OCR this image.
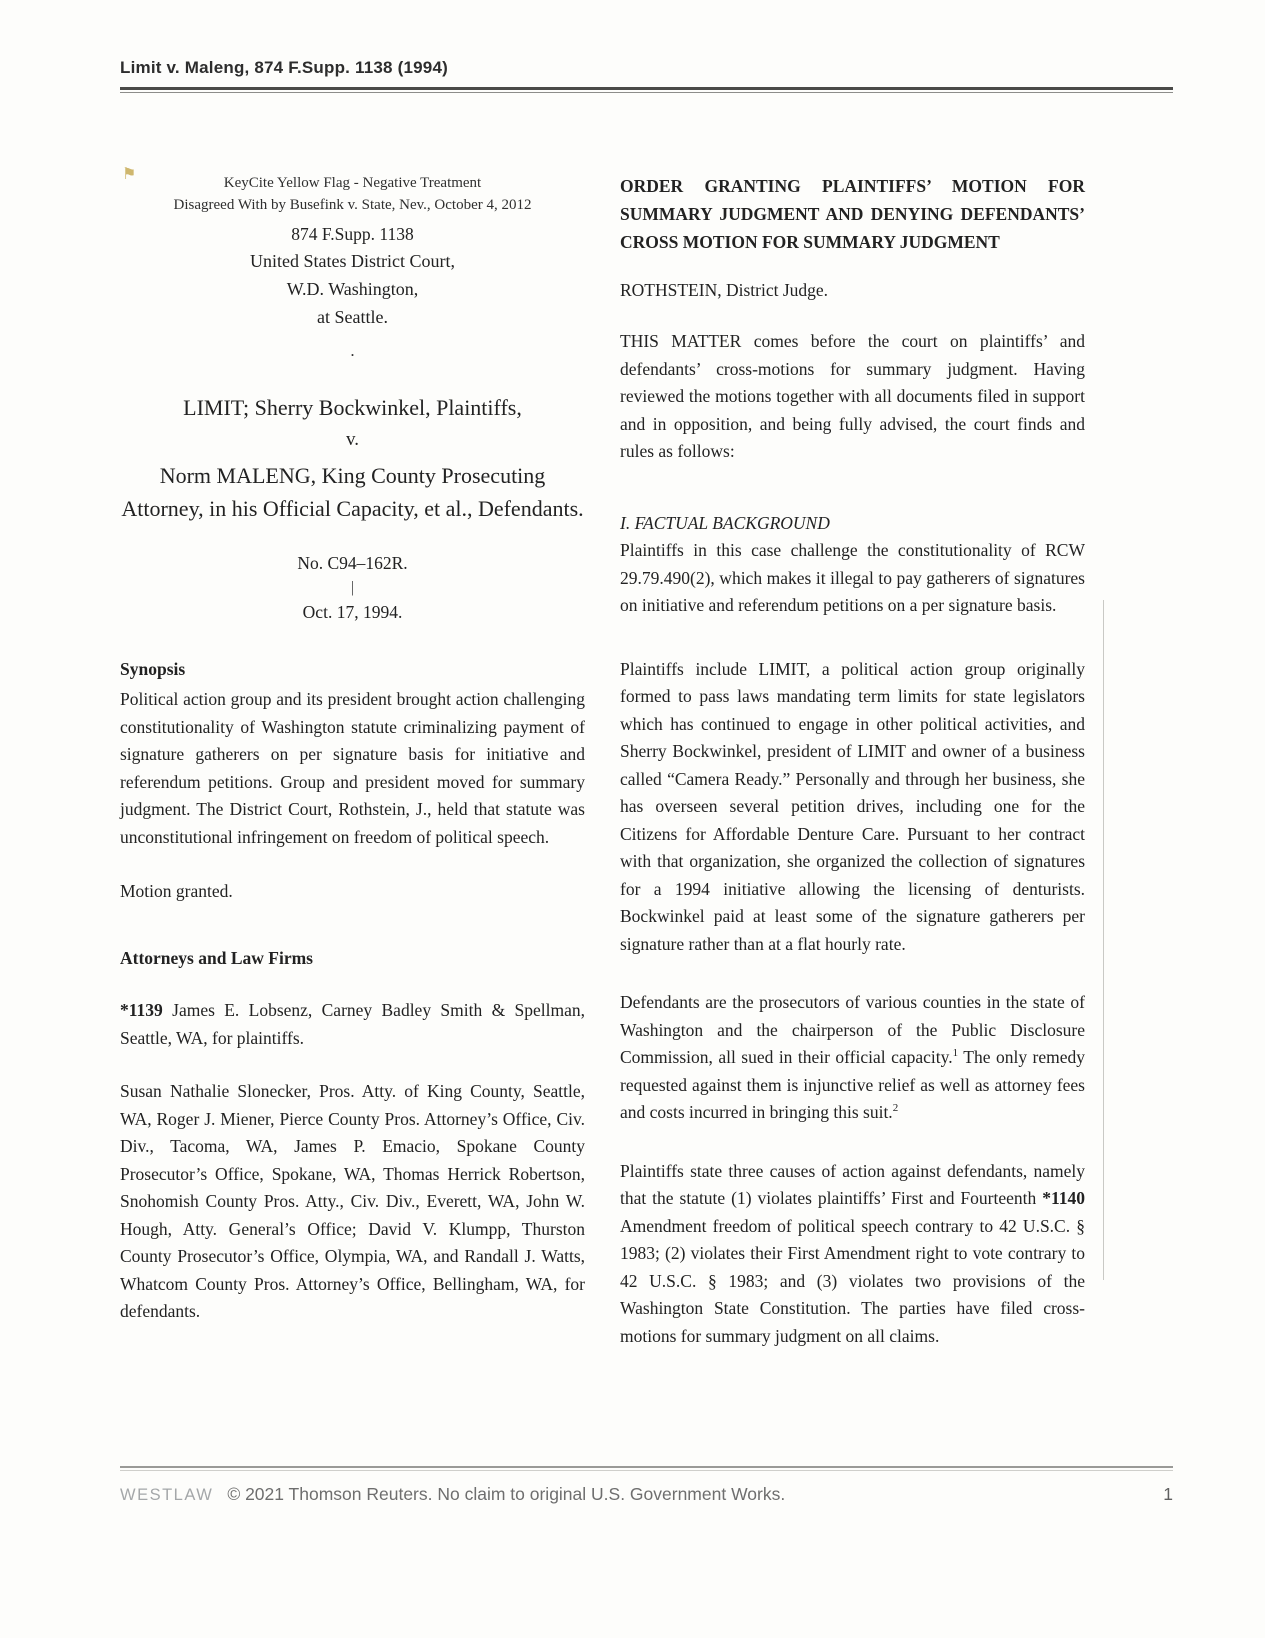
Limit v. Maleng, 874 F.Supp. 1138 (1994)
⚑	KeyCite Yellow Flag - Negative Treatment
Disagreed With by Busefink v. State, Nev., October 4, 2012
874 F.Supp. 1138
United States District Court,
W.D. Washington,
at Seattle.
.
LIMIT; Sherry Bockwinkel, Plaintiffs,
v.
Norm MALENG, King County Prosecuting Attorney, in his Official Capacity, et al., Defendants.
No. C94–162R.
|
Oct. 17, 1994.
Synopsis
Political action group and its president brought action challenging constitutionality of Washington statute criminalizing payment of signature gatherers on per signature basis for initiative and referendum petitions. Group and president moved for summary judgment. The District Court, Rothstein, J., held that statute was unconstitutional infringement on freedom of political speech.
Motion granted.
Attorneys and Law Firms
*1139 James E. Lobsenz, Carney Badley Smith & Spellman, Seattle, WA, for plaintiffs.
Susan Nathalie Slonecker, Pros. Atty. of King County, Seattle, WA, Roger J. Miener, Pierce County Pros. Attorney’s Office, Civ. Div., Tacoma, WA, James P. Emacio, Spokane County Prosecutor’s Office, Spokane, WA, Thomas Herrick Robertson, Snohomish County Pros. Atty., Civ. Div., Everett, WA, John W. Hough, Atty. General’s Office; David V. Klumpp, Thurston County Prosecutor’s Office, Olympia, WA, and Randall J. Watts, Whatcom County Pros. Attorney’s Office, Bellingham, WA, for defendants.
ORDER GRANTING PLAINTIFFS’ MOTION FOR SUMMARY JUDGMENT AND DENYING DEFENDANTS’ CROSS MOTION FOR SUMMARY JUDGMENT
ROTHSTEIN, District Judge.
THIS MATTER comes before the court on plaintiffs’ and defendants’ cross-motions for summary judgment. Having reviewed the motions together with all documents filed in support and in opposition, and being fully advised, the court finds and rules as follows:
I. FACTUAL BACKGROUND
Plaintiffs in this case challenge the constitutionality of RCW 29.79.490(2), which makes it illegal to pay gatherers of signatures on initiative and referendum petitions on a per signature basis.
Plaintiffs include LIMIT, a political action group originally formed to pass laws mandating term limits for state legislators which has continued to engage in other political activities, and Sherry Bockwinkel, president of LIMIT and owner of a business called “Camera Ready.” Personally and through her business, she has overseen several petition drives, including one for the Citizens for Affordable Denture Care. Pursuant to her contract with that organization, she organized the collection of signatures for a 1994 initiative allowing the licensing of denturists. Bockwinkel paid at least some of the signature gatherers per signature rather than at a flat hourly rate.
Defendants are the prosecutors of various counties in the state of Washington and the chairperson of the Public Disclosure Commission, all sued in their official capacity.$^1$ The only remedy requested against them is injunctive relief as well as attorney fees and costs incurred in bringing this suit.$^2$
Plaintiffs state three causes of action against defendants, namely that the statute (1) violates plaintiffs’ First and Fourteenth *1140 Amendment freedom of political speech contrary to 42 U.S.C. § 1983; (2) violates their First Amendment right to vote contrary to 42 U.S.C. § 1983; and (3) violates two provisions of the Washington State Constitution. The parties have filed cross-motions for summary judgment on all claims.
WESTLAW © 2021 Thomson Reuters. No claim to original U.S. Government Works.	1
